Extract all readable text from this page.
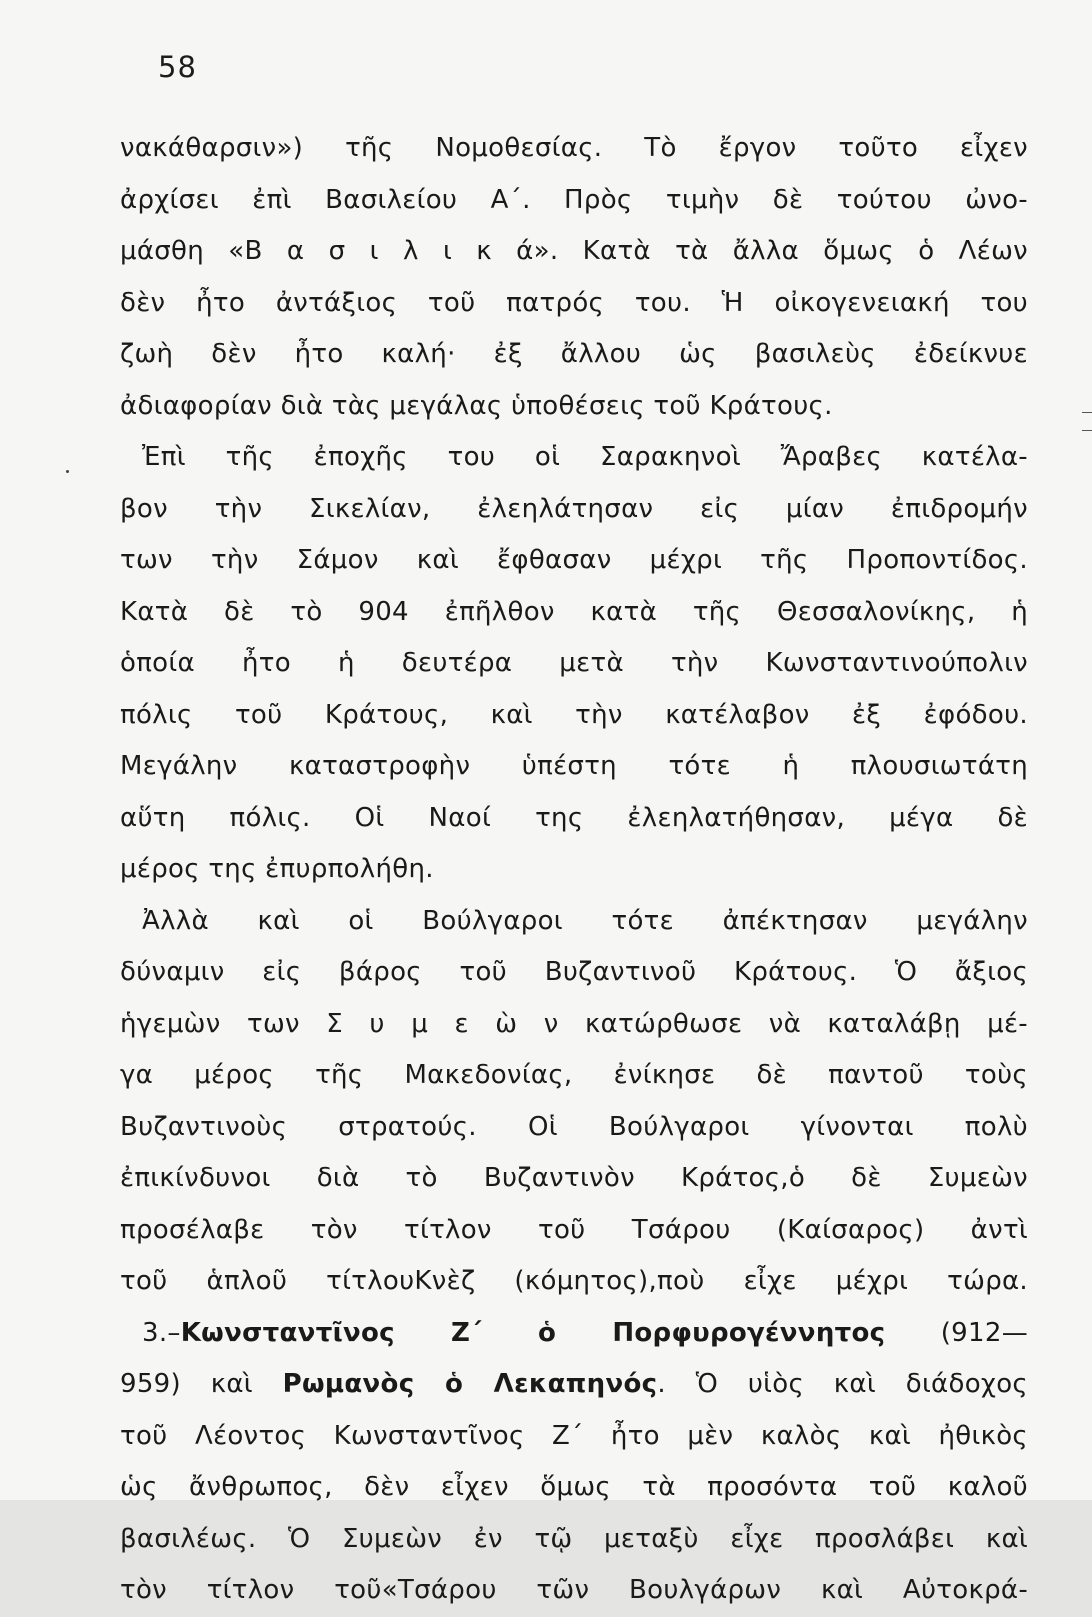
58
νακάθαρσιν») τῆς Νομοθεσίας. Τὸ ἔργον τοῦτο εἶχεν
ἀρχίσει ἐπὶ Βασιλείου Α΄. Πρὸς τιμὴν δὲ τούτου ὠνο-
μάσθη «Β α σ ι λ ι κ ά». Κατὰ τὰ ἄλλα ὅμως ὁ Λέων
δὲν ἦτο ἀντάξιος τοῦ πατρός του. Ἡ οἰκογενειακή του
ζωὴ δὲν ἦτο καλή· ἐξ ἄλλου ὡς βασιλεὺς ἐδείκνυε
ἀδιαφορίαν διὰ τὰς μεγάλας ὑποθέσεις τοῦ Κράτους.
Ἐπὶ τῆς ἐποχῆς του οἱ Σαρακηνοὶ Ἄραβες κατέλα-
βον τὴν Σικελίαν, ἐλεηλάτησαν εἰς μίαν ἐπιδρομήν
των τὴν Σάμον καὶ ἔφθασαν μέχρι τῆς Προποντίδος.
Κατὰ δὲ τὸ 904 ἐπῆλθον κατὰ τῆς Θεσσαλονίκης, ἡ
ὁποία ἦτο ἡ δευτέρα μετὰ τὴν Κωνσταντινούπολιν
πόλις τοῦ Κράτους, καὶ τὴν κατέλαβον ἐξ ἐφόδου.
Μεγάλην καταστροφὴν ὑπέστη τότε ἡ πλουσιωτάτη
αὕτη πόλις. Οἱ Ναοί της ἐλεηλατήθησαν, μέγα δὲ
μέρος της ἐπυρπολήθη.
Ἀλλὰ καὶ οἱ Βούλγαροι τότε ἀπέκτησαν μεγάλην
δύναμιν εἰς βάρος τοῦ Βυζαντινοῦ Κράτους. Ὁ ἄξιος
ἡγεμὼν των Σ υ μ ε ὼ ν κατώρθωσε νὰ καταλάβῃ μέ-
γα μέρος τῆς Μακεδονίας, ἐνίκησε δὲ παντοῦ τοὺς
Βυζαντινοὺς στρατούς. Οἱ Βούλγαροι γίνονται πολὺ
ἐπικίνδυνοι διὰ τὸ Βυζαντινὸν Κράτος,ὁ δὲ Συμεὼν
προσέλαβε τὸν τίτλον τοῦ Τσάρου (Καίσαρος) ἀντὶ
τοῦ ἁπλοῦ τίτλουΚνὲζ (κόμητος),ποὺ εἶχε μέχρι τώρα.
3.–Κωνσταντῖνος Ζ΄ ὁ Πορφυρογέννητος (912—
959) καὶ Ρωμανὸς ὁ Λεκαπηνός. Ὁ υἱὸς καὶ διάδοχος
τοῦ Λέοντος Κωνσταντῖνος Ζ΄ ἦτο μὲν καλὸς καὶ ἠθικὸς
ὡς ἄνθρωπος, δὲν εἶχεν ὅμως τὰ προσόντα τοῦ καλοῦ
βασιλέως. Ὁ Συμεὼν ἐν τῷ μεταξὺ εἶχε προσλάβει καὶ
τὸν τίτλον τοῦ«Τσάρου τῶν Βουλγάρων καὶ Αὐτοκρά-
